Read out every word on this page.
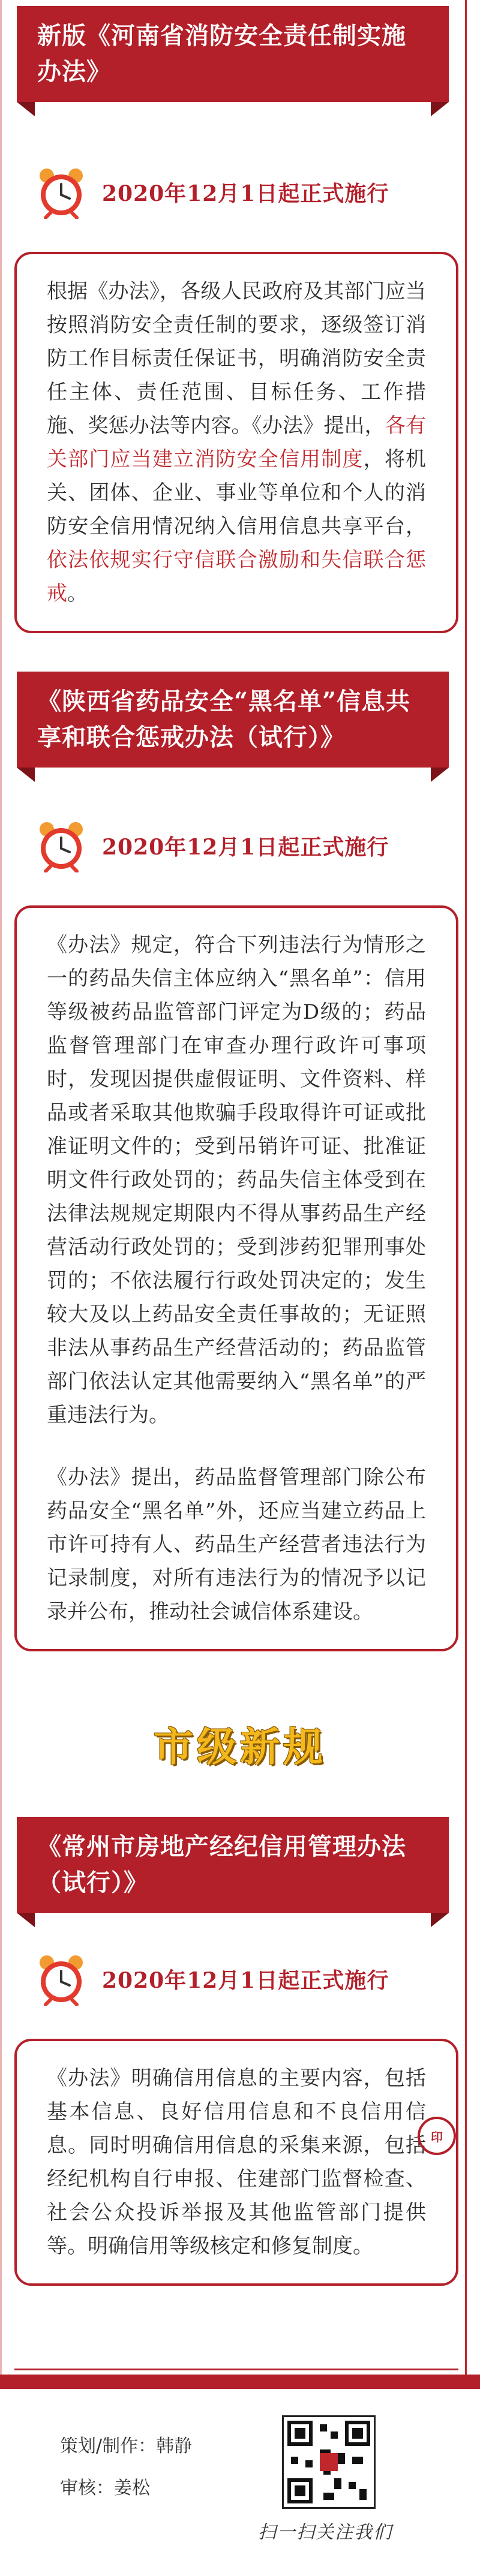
新版《河南省消防安全责任制实施办法》
2020年12月1日起正式施行

根据《办法》，各级人民政府及其部门应当按照消防安全责任制的要求，逐级签订消防工作目标责任保证书，明确消防安全责任主体、责任范围、目标任务、工作措施、奖惩办法等内容。《办法》提出，各有关部门应当建立消防安全信用制度，将机关、团体、企业、事业等单位和个人的消防安全信用情况纳入信用信息共享平台，依法依规实行守信联合激励和失信联合惩戒。

《陕西省药品安全“黑名单”信息共享和联合惩戒办法（试行）》
2020年12月1日起正式施行

《办法》规定，符合下列违法行为情形之一的药品失信主体应纳入“黑名单”：信用等级被药品监管部门评定为D级的；药品监督管理部门在审查办理行政许可事项时，发现因提供虚假证明、文件资料、样品或者采取其他欺骗手段取得许可证或批准证明文件的；受到吊销许可证、批准证明文件行政处罚的；药品失信主体受到在法律法规规定期限内不得从事药品生产经营活动行政处罚的；受到涉药犯罪刑事处罚的；不依法履行行政处罚决定的；发生较大及以上药品安全责任事故的；无证照非法从事药品生产经营活动的；药品监管部门依法认定其他需要纳入“黑名单”的严重违法行为。

《办法》提出，药品监督管理部门除公布药品安全“黑名单”外，还应当建立药品上市许可持有人、药品生产经营者违法行为记录制度，对所有违法行为的情况予以记录并公布，推动社会诚信体系建设。

市级新规
《常州市房地产经纪信用管理办法（试行）》
2020年12月1日起正式施行

《办法》明确信用信息的主要内容，包括基本信息、良好信用信息和不良信用信息。同时明确信用信息的采集来源，包括经纪机构自行申报、住建部门监督检查、社会公众投诉举报及其他监管部门提供等。明确信用等级核定和修复制度。

印
策划/制作：韩静
审核：姜松
扫一扫关注我们
